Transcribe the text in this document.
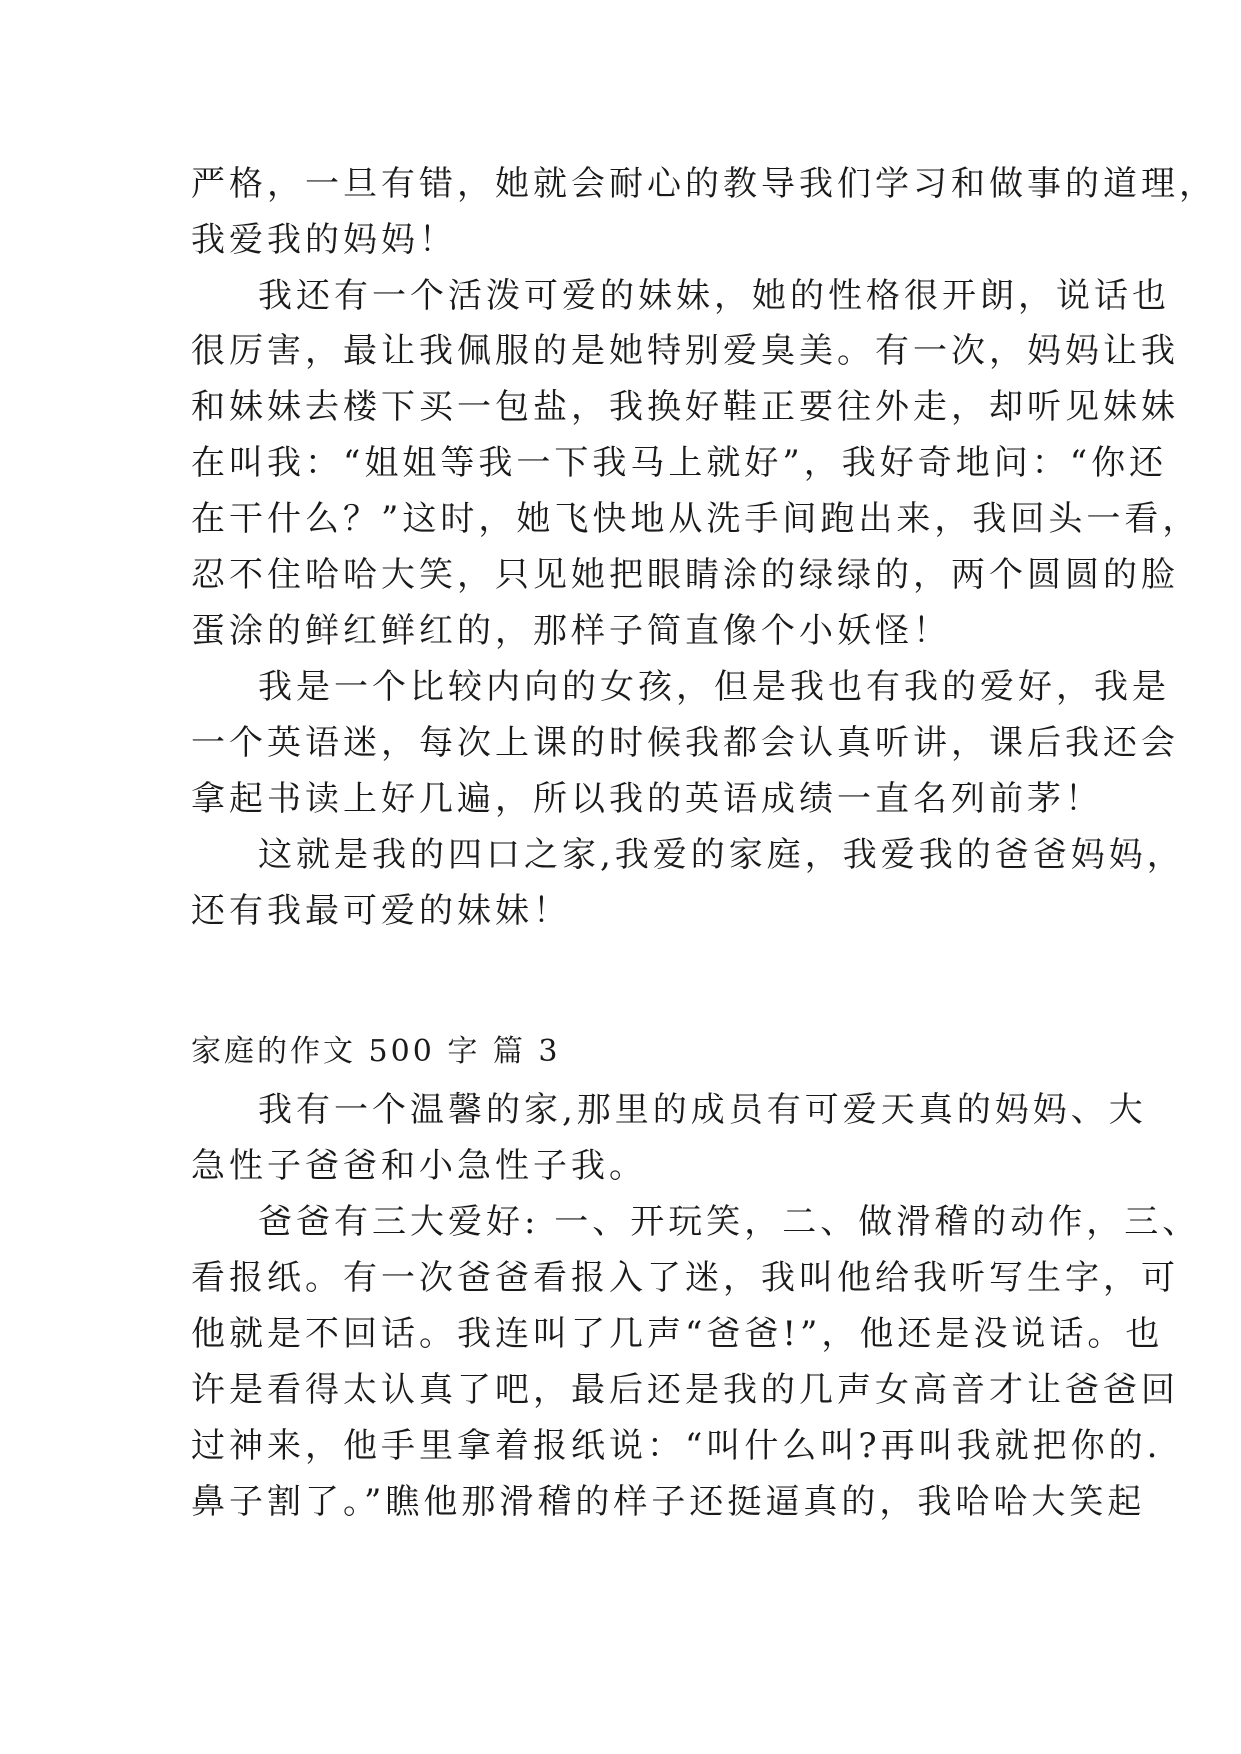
严格，一旦有错，她就会耐心的教导我们学习和做事的道理，
我爱我的妈妈！
我还有一个活泼可爱的妹妹，她的性格很开朗，说话也
很厉害，最让我佩服的是她特别爱臭美。有一次，妈妈让我
和妹妹去楼下买一包盐，我换好鞋正要往外走，却听见妹妹
在叫我：“姐姐等我一下我马上就好”，我好奇地问：“你还
在干什么？”这时，她飞快地从洗手间跑出来，我回头一看，
忍不住哈哈大笑，只见她把眼睛涂的绿绿的，两个圆圆的脸
蛋涂的鲜红鲜红的，那样子简直像个小妖怪！
我是一个比较内向的女孩，但是我也有我的爱好，我是
一个英语迷，每次上课的时候我都会认真听讲，课后我还会
拿起书读上好几遍，所以我的英语成绩一直名列前茅！
这就是我的四口之家,我爱的家庭，我爱我的爸爸妈妈，
还有我最可爱的妹妹！
家庭的作文 500 字 篇 3
我有一个温馨的家,那里的成员有可爱天真的妈妈、大
急性子爸爸和小急性子我。
爸爸有三大爱好: 一、开玩笑，二、做滑稽的动作，三、
看报纸。有一次爸爸看报入了迷，我叫他给我听写生字，可
他就是不回话。我连叫了几声“爸爸!”，他还是没说话。也
许是看得太认真了吧，最后还是我的几声女高音才让爸爸回
过神来，他手里拿着报纸说：“叫什么叫?再叫我就把你的.
鼻子割了。”瞧他那滑稽的样子还挺逼真的，我哈哈大笑起
